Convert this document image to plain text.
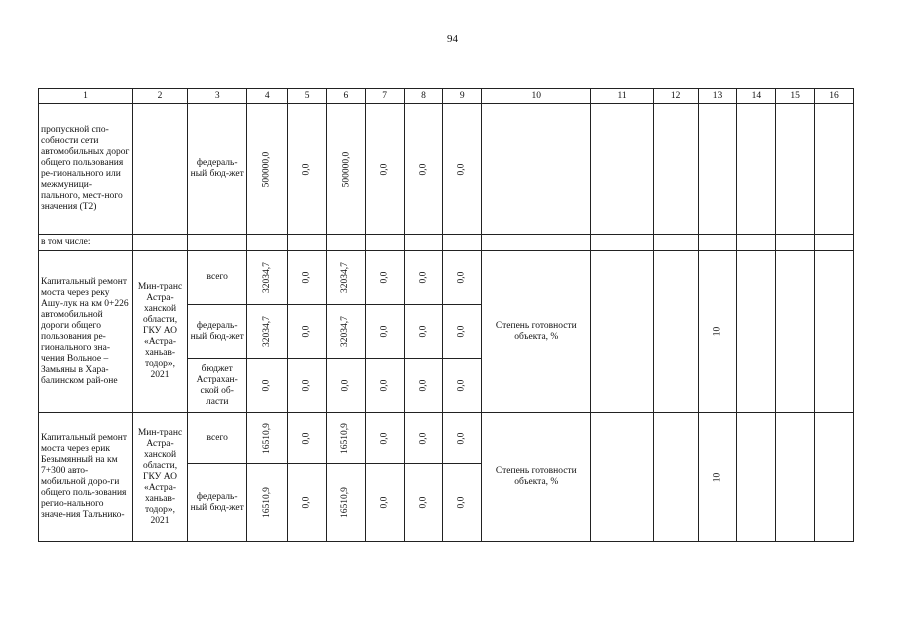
94
1	2	3	4	5	6	7	8	9	10	11	12	13	14	15	16
пропускной спо-собности сети автомобильных дорог общего пользования ре-гионального или межмуници-пального, мест-ного значения (Т2)		федераль-ный бюд-жет	500000,0	0,0	500000,0	0,0	0,0	0,0							
в том числе:															
Капитальный ремонт моста через реку Ашу-лук на км 0+226 автомобильной дороги общего пользования ре-гионального зна-чения Вольное – Замьяны в Хара-балинском рай-оне	Мин-транс Астра-ханской области, ГКУ АО «Астра-ханьав-тодор», 2021	всего	32034,7	0,0	32034,7	0,0	0,0	0,0	Степень готовности объекта, %			10			
		федераль-ный бюд-жет	32034,7	0,0	32034,7	0,0	0,0	0,0							
		бюджет Астрахан-ской об-ласти	0,0	0,0	0,0	0,0	0,0	0,0							
Капитальный ремонт моста через ерик Безымянный на км 7+300 авто-мобильной доро-ги общего поль-зования регио-нального значе-ния Талънико-	Мин-транс Астра-ханской области, ГКУ АО «Астра-ханьав-тодор», 2021	всего	16510,9	0,0	16510,9	0,0	0,0	0,0	Степень готовности объекта, %			10			
		федераль-ный бюд-жет	16510,9	0,0	16510,9	0,0	0,0	0,0							
